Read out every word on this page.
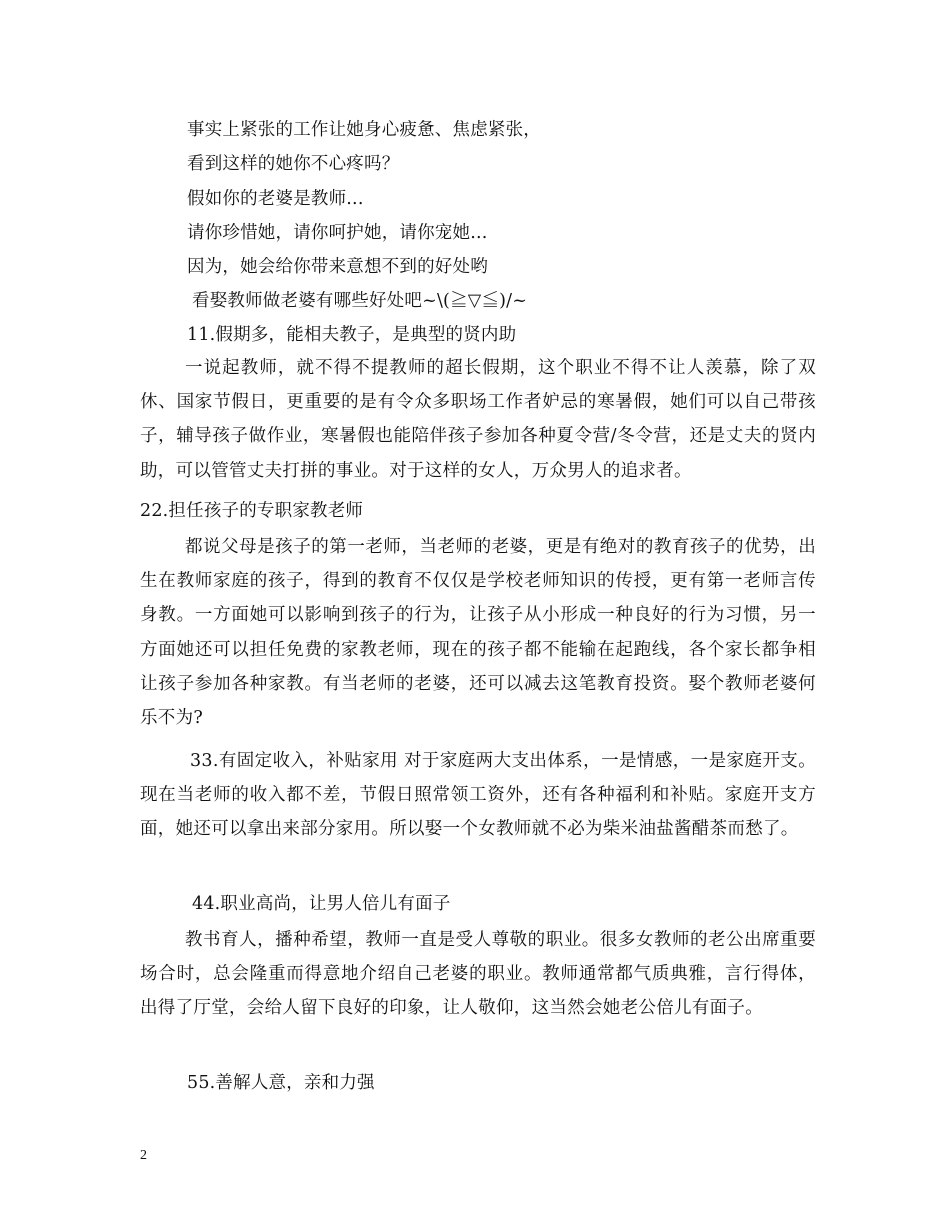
事实上紧张的工作让她身心疲惫、焦虑紧张，
看到这样的她你不心疼吗？
假如你的老婆是教师...
请你珍惜她，请你呵护她，请你宠她...
因为，她会给你带来意想不到的好处哟
看娶教师做老婆有哪些好处吧~\(≧▽≦)/~
11.假期多，能相夫教子，是典型的贤内助
一说起教师，就不得不提教师的超长假期，这个职业不得不让人羡慕，除了双休、国家节假日，更重要的是有令众多职场工作者妒忌的寒暑假，她们可以自己带孩子，辅导孩子做作业，寒暑假也能陪伴孩子参加各种夏令营/冬令营，还是丈夫的贤内助，可以管管丈夫打拼的事业。对于这样的女人，万众男人的追求者。
22.担任孩子的专职家教老师
都说父母是孩子的第一老师，当老师的老婆，更是有绝对的教育孩子的优势，出生在教师家庭的孩子，得到的教育不仅仅是学校老师知识的传授，更有第一老师言传身教。一方面她可以影响到孩子的行为，让孩子从小形成一种良好的行为习惯，另一方面她还可以担任免费的家教老师，现在的孩子都不能输在起跑线，各个家长都争相让孩子参加各种家教。有当老师的老婆，还可以减去这笔教育投资。娶个教师老婆何乐不为?
33.有固定收入，补贴家用 对于家庭两大支出体系，一是情感，一是家庭开支。现在当老师的收入都不差，节假日照常领工资外，还有各种福利和补贴。家庭开支方面，她还可以拿出来部分家用。所以娶一个女教师就不必为柴米油盐酱醋茶而愁了。
44.职业高尚，让男人倍儿有面子
教书育人，播种希望，教师一直是受人尊敬的职业。很多女教师的老公出席重要场合时，总会隆重而得意地介绍自己老婆的职业。教师通常都气质典雅，言行得体，出得了厅堂，会给人留下良好的印象，让人敬仰，这当然会她老公倍儿有面子。
55.善解人意，亲和力强
2
